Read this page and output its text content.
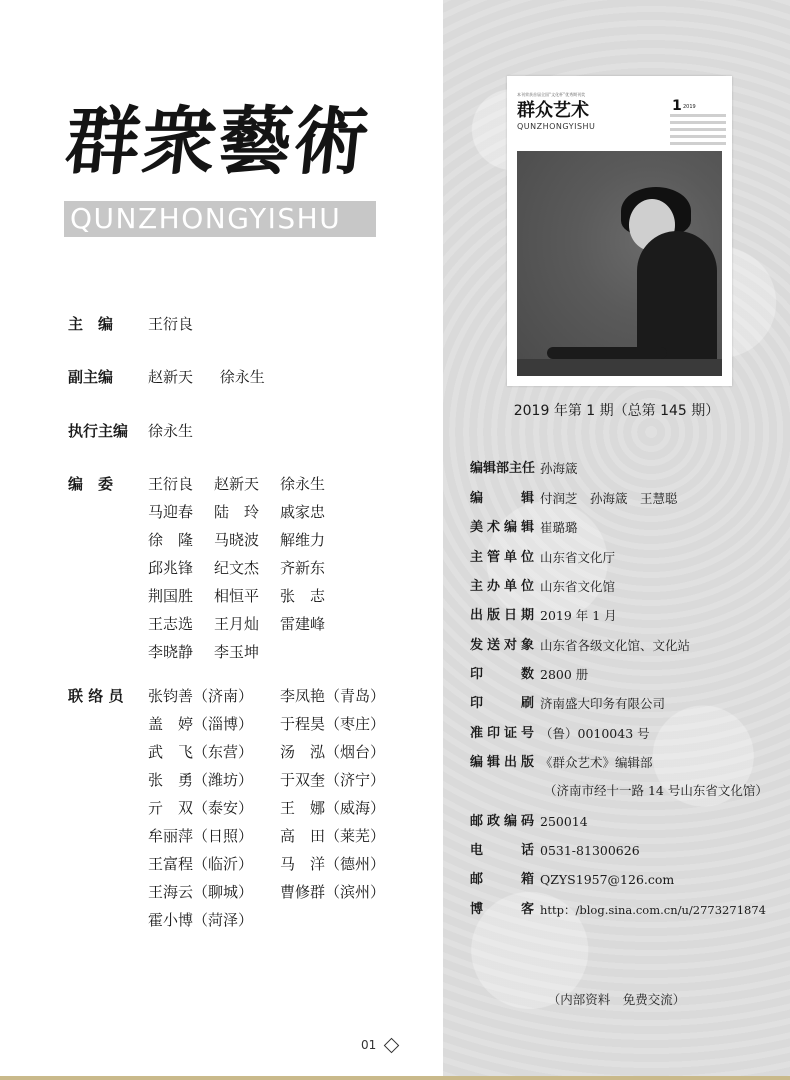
群衆藝術
QUNZHONGYISHU
主　编 王衍良
副主编 赵新天 徐永生
执行主编 徐永生
编　委 王衍良	赵新天	徐永生
马迎春	陆　玲	戚家忠
徐　隆	马晓波	解维力
邱兆锋	纪文杰	齐新东
荆国胜	相恒平	张　志
王志选	王月灿	雷建峰
李晓静	李玉坤
联 络 员 张钧善（济南）	李凤艳（青岛）
盖　婷（淄博）	于程昊（枣庄）
武　飞（东营）	汤　泓（烟台）
张　勇（潍坊）	于双奎（济宁）
亓　双（泰安）	王　娜（威海）
牟丽萍（日照）	高　田（莱芜）
王富程（临沂）	马　洋（德州）
王海云（聊城）	曹修群（滨州）
霍小博（菏泽）
01
本刊荣获首届全国“文化杯”优秀期刊奖
群众艺术
QUNZHONGYISHU
1 2019
2019 年第 1 期（总第 145 期）
编辑部主任 孙海箴
编　　辑 付润芝　孙海箴　王慧聪
美术编辑 崔璐璐
主管单位 山东省文化厅
主办单位 山东省文化馆
出版日期 2019 年 1 月
发送对象 山东省各级文化馆、文化站
印　　数 2800 册
印　　刷 济南盛大印务有限公司
准印证号 （鲁）0010043 号
编辑出版 《群众艺术》编辑部
（济南市经十一路 14 号山东省文化馆）
邮政编码 250014
电　　话 0531-81300626
邮　　箱 QZYS1957@126.com
博　　客 http：/blog.sina.com.cn/u/2773271874
（内部资料　免费交流）
